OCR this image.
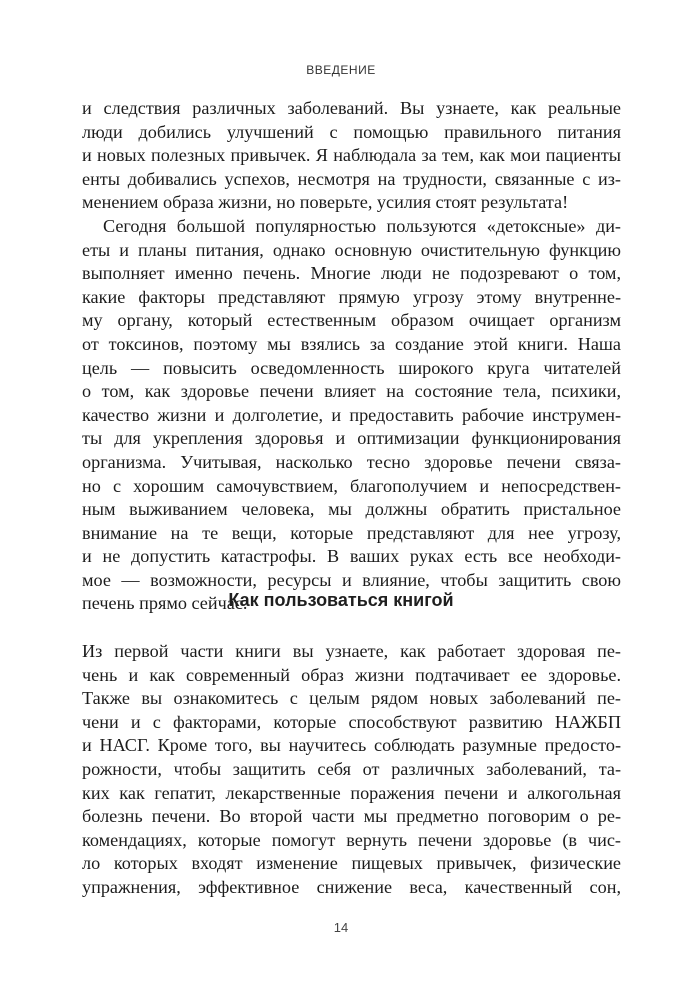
ВВЕДЕНИЕ
и следствия различных заболеваний. Вы узнаете, как реальные
люди добились улучшений с помощью правильного питания
и новых полезных привычек. Я наблюдала за тем, как мои пациенты
енты добивались успехов, несмотря на трудности, связанные с из-
менением образа жизни, но поверьте, усилия стоят результата!
Сегодня большой популярностью пользуются «детоксные» ди-
еты и планы питания, однако основную очистительную функцию
выполняет именно печень. Многие люди не подозревают о том,
какие факторы представляют прямую угрозу этому внутренне-
му органу, который естественным образом очищает организм
от токсинов, поэтому мы взялись за создание этой книги. Наша
цель — повысить осведомленность широкого круга читателей
о том, как здоровье печени влияет на состояние тела, психики,
качество жизни и долголетие, и предоставить рабочие инструмен-
ты для укрепления здоровья и оптимизации функционирования
организма. Учитывая, насколько тесно здоровье печени связа-
но с хорошим самочувствием, благополучием и непосредствен-
ным выживанием человека, мы должны обратить пристальное
внимание на те вещи, которые представляют для нее угрозу,
и не допустить катастрофы. В ваших руках есть все необходи-
мое — возможности, ресурсы и влияние, чтобы защитить свою
печень прямо сейчас.
Как пользоваться книгой
Из первой части книги вы узнаете, как работает здоровая пе-
чень и как современный образ жизни подтачивает ее здоровье.
Также вы ознакомитесь с целым рядом новых заболеваний пе-
чени и с факторами, которые способствуют развитию НАЖБП
и НАСГ. Кроме того, вы научитесь соблюдать разумные предосто-
рожности, чтобы защитить себя от различных заболеваний, та-
ких как гепатит, лекарственные поражения печени и алкогольная
болезнь печени. Во второй части мы предметно поговорим о ре-
комендациях, которые помогут вернуть печени здоровье (в чис-
ло которых входят изменение пищевых привычек, физические
упражнения, эффективное снижение веса, качественный сон,
14
